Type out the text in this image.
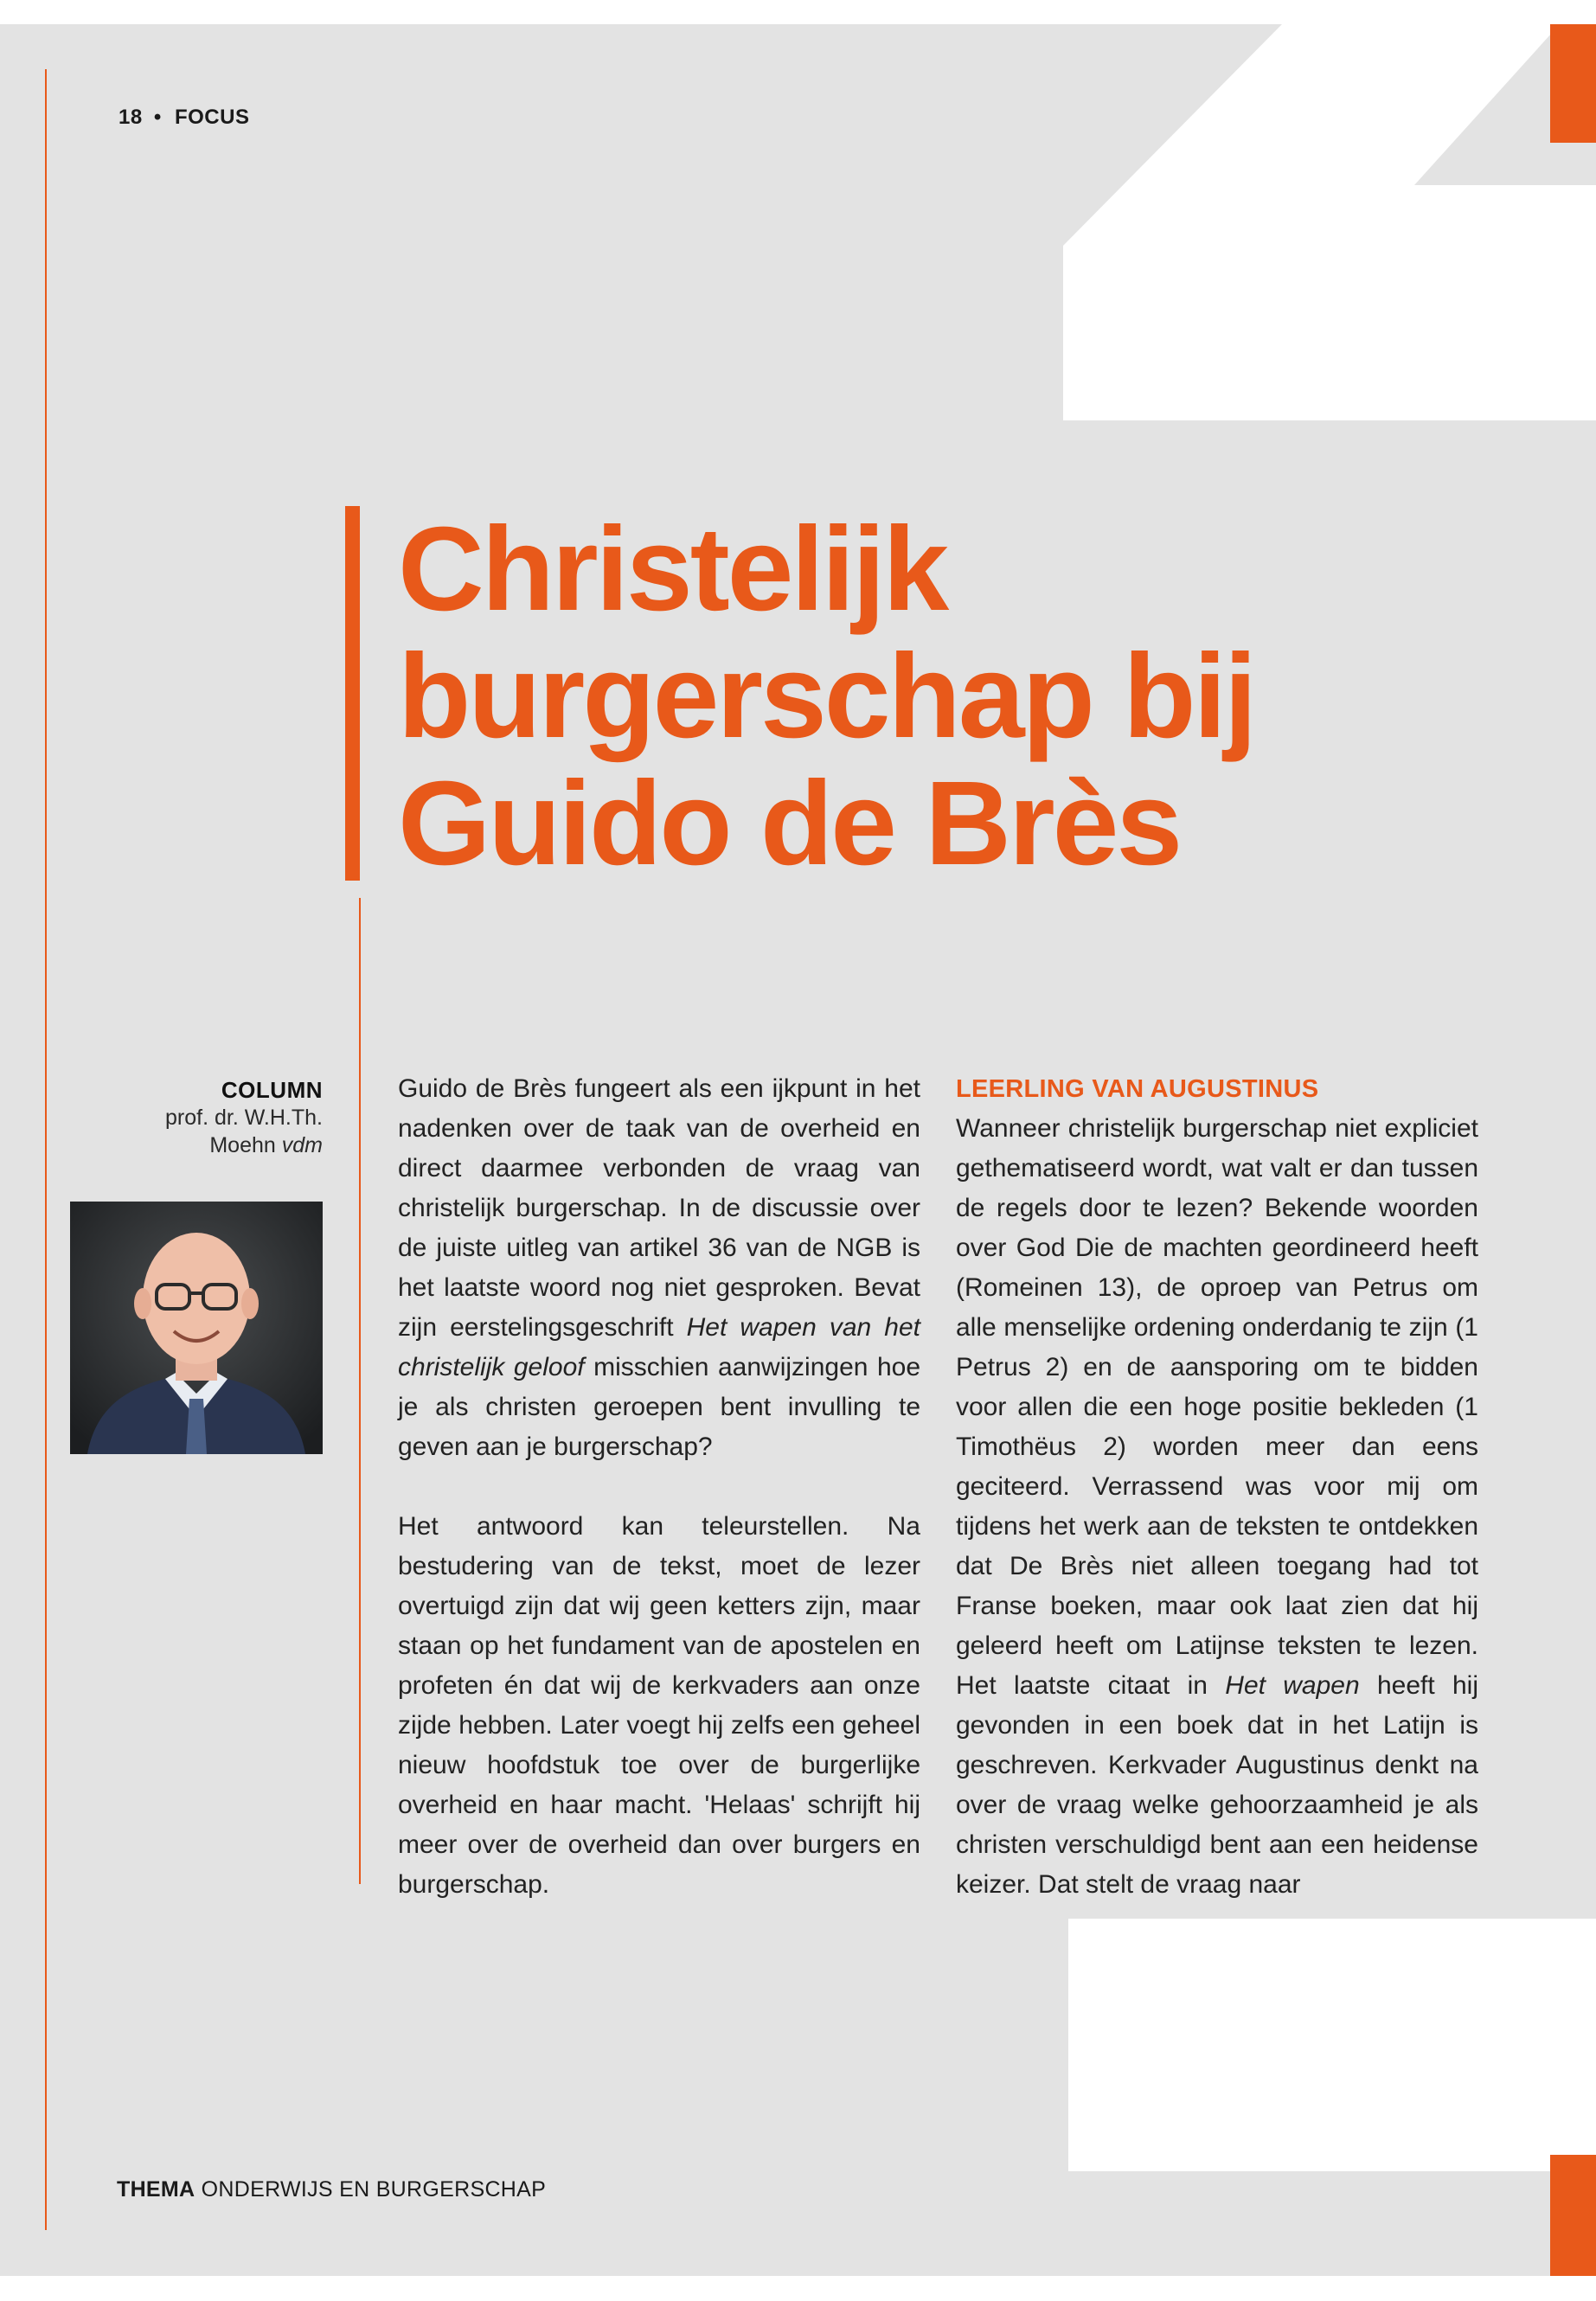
18 • FOCUS
Christelijk
burgerschap bij
Guido de Brès
COLUMN
prof. dr. W.H.Th.
Moehn vdm

Guido de Brès fungeert als een ijkpunt in het nadenken over de taak van de overheid en direct daarmee verbonden de vraag van christelijk burgerschap. In de discussie over de juiste uitleg van artikel 36 van de NGB is het laatste woord nog niet gesproken. Bevat zijn eerstelingsgeschrift Het wapen van het christelijk geloof misschien aanwijzingen hoe je als christen geroepen bent invulling te geven aan je burgerschap?

Het antwoord kan teleurstellen. Na bestudering van de tekst, moet de lezer overtuigd zijn dat wij geen ketters zijn, maar staan op het fundament van de apostelen en profeten én dat wij de kerkvaders aan onze zijde hebben. Later voegt hij zelfs een geheel nieuw hoofdstuk toe over de burgerlijke overheid en haar macht. 'Helaas' schrijft hij meer over de overheid dan over burgers en burgerschap.

LEERLING VAN AUGUSTINUS

Wanneer christelijk burgerschap niet expliciet gethematiseerd wordt, wat valt er dan tussen de regels door te lezen? Bekende woorden over God Die de machten geordineerd heeft (Romeinen 13), de oproep van Petrus om alle menselijke ordening onderdanig te zijn (1 Petrus 2) en de aansporing om te bidden voor allen die een hoge positie bekleden (1 Timothëus 2) worden meer dan eens geciteerd. Verrassend was voor mij om tijdens het werk aan de teksten te ontdekken dat De Brès niet alleen toegang had tot Franse boeken, maar ook laat zien dat hij geleerd heeft om Latijnse teksten te lezen. Het laatste citaat in Het wapen heeft hij gevonden in een boek dat in het Latijn is geschreven. Kerkvader Augustinus denkt na over de vraag welke gehoorzaamheid je als christen verschuldigd bent aan een heidense keizer. Dat stelt de vraag naar

THEMA ONDERWIJS EN BURGERSCHAP
